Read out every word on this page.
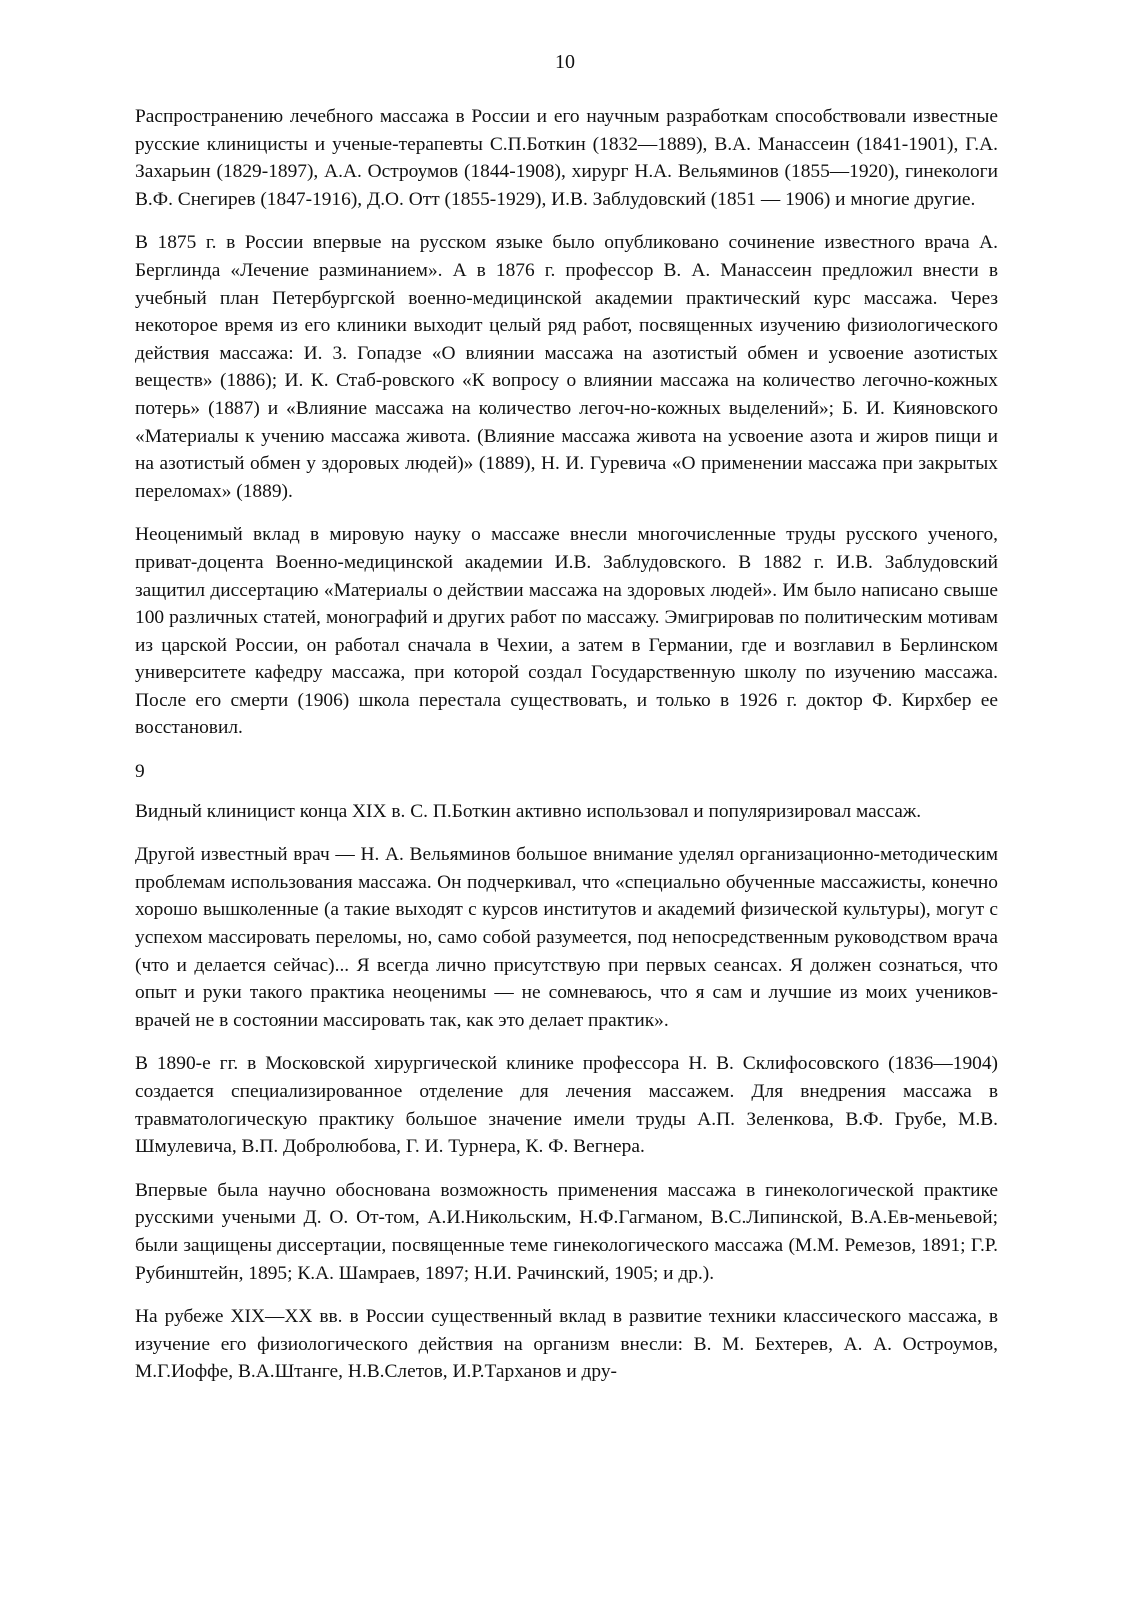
10

Распространению лечебного массажа в России и его научным разработкам способствовали известные русские клиницисты и ученые-терапевты С.П.Боткин (1832—1889), В.А. Манассеин (1841-1901), Г.А. Захарьин (1829-1897), А.А. Остроумов (1844-1908), хирург Н.А. Вельяминов (1855—1920), гинекологи В.Ф. Снегирев (1847-1916), Д.О. Отт (1855-1929), И.В. Заблудовский (1851 — 1906) и многие другие.

В 1875 г. в России впервые на русском языке было опубликовано сочинение известного врача А. Берглинда «Лечение разминанием». А в 1876 г. профессор В. А. Манассеин предложил внести в учебный план Петербургской военно-медицинской академии практический курс массажа. Через некоторое время из его клиники выходит целый ряд работ, посвященных изучению физиологического действия массажа: И. 3. Гопадзе «О влиянии массажа на азотистый обмен и усвоение азотистых веществ» (1886); И. К. Стаб-ровского «К вопросу о влиянии массажа на количество легочно-кожных потерь» (1887) и «Влияние массажа на количество легоч-но-кожных выделений»; Б. И. Кияновского «Материалы к учению массажа живота. (Влияние массажа живота на усвоение азота и жиров пищи и на азотистый обмен у здоровых людей)» (1889), Н. И. Гуревича «О применении массажа при закрытых переломах» (1889).

Неоценимый вклад в мировую науку о массаже внесли многочисленные труды русского ученого, приват-доцента Военно-медицинской академии И.В. Заблудовского. В 1882 г. И.В. Заблудовский защитил диссертацию «Материалы о действии массажа на здоровых людей». Им было написано свыше 100 различных статей, монографий и других работ по массажу. Эмигрировав по политическим мотивам из царской России, он работал сначала в Чехии, а затем в Германии, где и возглавил в Берлинском университете кафедру массажа, при которой создал Государственную школу по изучению массажа. После его смерти (1906) школа перестала существовать, и только в 1926 г. доктор Ф. Кирхбер ее восстановил.

9

Видный клиницист конца XIX в. С. П.Боткин активно использовал и популяризировал массаж.

Другой известный врач — Н. А. Вельяминов большое внимание уделял организационно-методическим проблемам использования массажа. Он подчеркивал, что «специально обученные массажисты, конечно хорошо вышколенные (а такие выходят с курсов институтов и академий физической культуры), могут с успехом массировать переломы, но, само собой разумеется, под непосредственным руководством врача (что и делается сейчас)... Я всегда лично присутствую при первых сеансах. Я должен сознаться, что опыт и руки такого практика неоценимы — не сомневаюсь, что я сам и лучшие из моих учеников-врачей не в состоянии массировать так, как это делает практик».

В 1890-е гг. в Московской хирургической клинике профессора Н. В. Склифосовского (1836—1904) создается специализированное отделение для лечения массажем. Для внедрения массажа в травматологическую практику большое значение имели труды А.П. Зеленкова, В.Ф. Грубе, М.В. Шмулевича, В.П. Добролюбова, Г. И. Турнера, К. Ф. Вегнера.

Впервые была научно обоснована возможность применения массажа в гинекологической практике русскими учеными Д. О. От-том, А.И.Никольским, Н.Ф.Гагманом, В.С.Липинской, В.А.Ев-меньевой; были защищены диссертации, посвященные теме гинекологического массажа (М.М. Ремезов, 1891; Г.Р. Рубинштейн, 1895; К.А. Шамраев, 1897; Н.И. Рачинский, 1905; и др.).

На рубеже XIX—XX вв. в России существенный вклад в развитие техники классического массажа, в изучение его физиологического действия на организм внесли: В. М. Бехтерев, А. А. Остроумов, М.Г.Иоффе, В.А.Штанге, Н.В.Слетов, И.Р.Тарханов и дру-
